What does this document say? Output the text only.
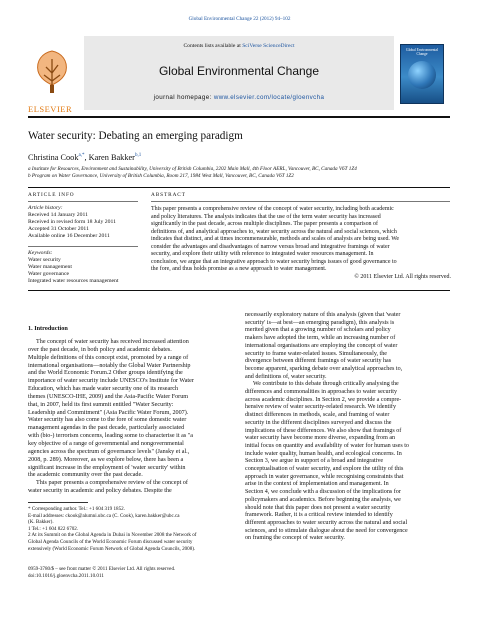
Global Environmental Change 22 (2012) 94–102
Contents lists available at SciVerse ScienceDirect
Global Environmental Change
journal homepage: www.elsevier.com/locate/gloenvcha
ELSEVIER
Global Environmental Change
Water security: Debating an emerging paradigm
Christina Cook$^{a,*}$, Karen Bakker$^{b,1}$
a Institute for Resources, Environment and Sustainability, University of British Columbia, 2202 Main Mall, 4th Floor AERL, Vancouver, BC, Canada V6T 1Z4
b Program on Water Governance, University of British Columbia, Room 217, 1984 West Mall, Vancouver, BC, Canada V6T 1Z2
ARTICLE INFO	ABSTRACT
Article history:
Received 14 January 2011
Received in revised form 18 July 2011
Accepted 31 October 2011
Available online 16 December 2011
Keywords:
Water security
Water management
Water governance
Integrated water resources management
This paper presents a comprehensive review of the concept of water security, including both academic
and policy literatures. The analysis indicates that the use of the term water security has increased
significantly in the past decade, across multiple disciplines. The paper presents a comparison of
definitions of, and analytical approaches to, water security across the natural and social sciences, which
indicates that distinct, and at times incommensurable, methods and scales of analysis are being used. We
consider the advantages and disadvantages of narrow versus broad and integrative framings of water
security, and explore their utility with reference to integrated water resources management. In
conclusion, we argue that an integrative approach to water security brings issues of good governance to
the fore, and thus holds promise as a new approach to water management.
© 2011 Elsevier Ltd. All rights reserved.
1. Introduction
The concept of water security has received increased attention
over the past decade, in both policy and academic debates.
Multiple definitions of this concept exist, promoted by a range of
international organisations—notably the Global Water Partnership
and the World Economic Forum.2 Other groups identifying the
importance of water security include UNESCO's Institute for Water
Education, which has made water security one of its research
themes (UNESCO-IHE, 2009) and the Asia-Pacific Water Forum
that, in 2007, held its first summit entitled "Water Security:
Leadership and Commitment" (Asia Pacific Water Forum, 2007).
Water security has also come to the fore of some domestic water
management agendas in the past decade, particularly associated
with (bio-) terrorism concerns, leading some to characterise it as "a
key objective of a range of governmental and nongovernmental
agencies across the spectrum of governance levels" (Jansky et al.,
2008, p. 289). Moreover, as we explore below, there has been a
significant increase in the employment of 'water security' within
the academic community over the past decade.
This paper presents a comprehensive review of the concept of
water security in academic and policy debates. Despite the
* Corresponding author. Tel.: +1 604 319 1852.
E-mail addresses: ckook@alumni.ubc.ca (C. Cook), karen.bakker@ubc.ca
(K. Bakker).
1 Tel.: +1 604 822 6702.
2 At its Summit on the Global Agenda in Dubai in November 2008 the Network of
Global Agenda Councils of the World Economic Forum discussed water security
extensively (World Economic Forum Network of Global Agenda Councils, 2008).
0959-3780/$ – see front matter © 2011 Elsevier Ltd. All rights reserved.
doi:10.1016/j.gloenvcha.2011.10.011
necessarily exploratory nature of this analysis (given that 'water
security' is—at best—an emerging paradigm), this analysis is
merited given that a growing number of scholars and policy
makers have adopted the term, while an increasing number of
international organisations are employing the concept of water
security to frame water-related issues. Simultaneously, the
divergence between different framings of water security has
become apparent, sparking debate over analytical approaches to,
and definitions of, water security.
We contribute to this debate through critically analysing the
differences and commonalities in approaches to water security
across academic disciplines. In Section 2, we provide a compre-
hensive review of water security-related research. We identify
distinct differences in methods, scale, and framing of water
security in the different disciplines surveyed and discuss the
implications of these differences. We also show that framings of
water security have become more diverse, expanding from an
initial focus on quantity and availability of water for human uses to
include water quality, human health, and ecological concerns. In
Section 3, we argue in support of a broad and integrative
conceptualisation of water security, and explore the utility of this
approach in water governance, while recognising constraints that
arise in the context of implementation and management. In
Section 4, we conclude with a discussion of the implications for
policymakers and academics. Before beginning the analysis, we
should note that this paper does not present a water security
framework. Rather, it is a critical review intended to identify
different approaches to water security across the natural and social
sciences, and to stimulate dialogue about the need for convergence
on framing the concept of water security.
